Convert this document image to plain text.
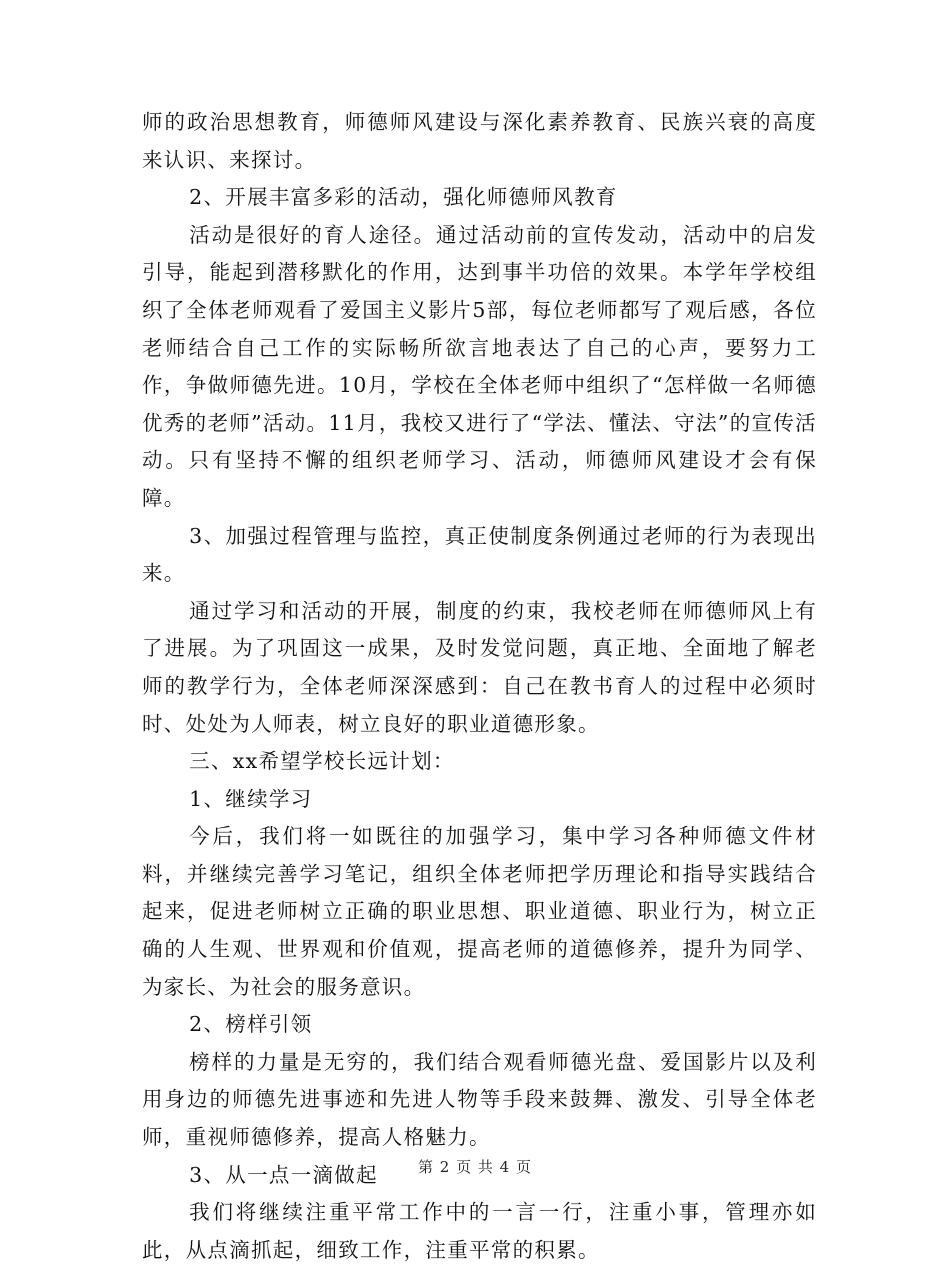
师的政治思想教育，师德师风建设与深化素养教育、民族兴衰的高度来认识、来探讨。

2、开展丰富多彩的活动，强化师德师风教育

活动是很好的育人途径。通过活动前的宣传发动，活动中的启发引导，能起到潜移默化的作用，达到事半功倍的效果。本学年学校组织了全体老师观看了爱国主义影片5部，每位老师都写了观后感，各位老师结合自己工作的实际畅所欲言地表达了自己的心声，要努力工作，争做师德先进。10月，学校在全体老师中组织了“怎样做一名师德优秀的老师”活动。11月，我校又进行了“学法、懂法、守法”的宣传活动。只有坚持不懈的组织老师学习、活动，师德师风建设才会有保障。

3、加强过程管理与监控，真正使制度条例通过老师的行为表现出来。

通过学习和活动的开展，制度的约束，我校老师在师德师风上有了进展。为了巩固这一成果，及时发觉问题，真正地、全面地了解老师的教学行为，全体老师深深感到：自己在教书育人的过程中必须时时、处处为人师表，树立良好的职业道德形象。

三、xx希望学校长远计划：

1、继续学习

今后，我们将一如既往的加强学习，集中学习各种师德文件材料，并继续完善学习笔记，组织全体老师把学历理论和指导实践结合起来，促进老师树立正确的职业思想、职业道德、职业行为，树立正确的人生观、世界观和价值观，提高老师的道德修养，提升为同学、为家长、为社会的服务意识。

2、榜样引领

榜样的力量是无穷的，我们结合观看师德光盘、爱国影片以及利用身边的师德先进事迹和先进人物等手段来鼓舞、激发、引导全体老师，重视师德修养，提高人格魅力。

3、从一点一滴做起

我们将继续注重平常工作中的一言一行，注重小事，管理亦如此，从点滴抓起，细致工作，注重平常的积累。

第 2 页 共 4 页
